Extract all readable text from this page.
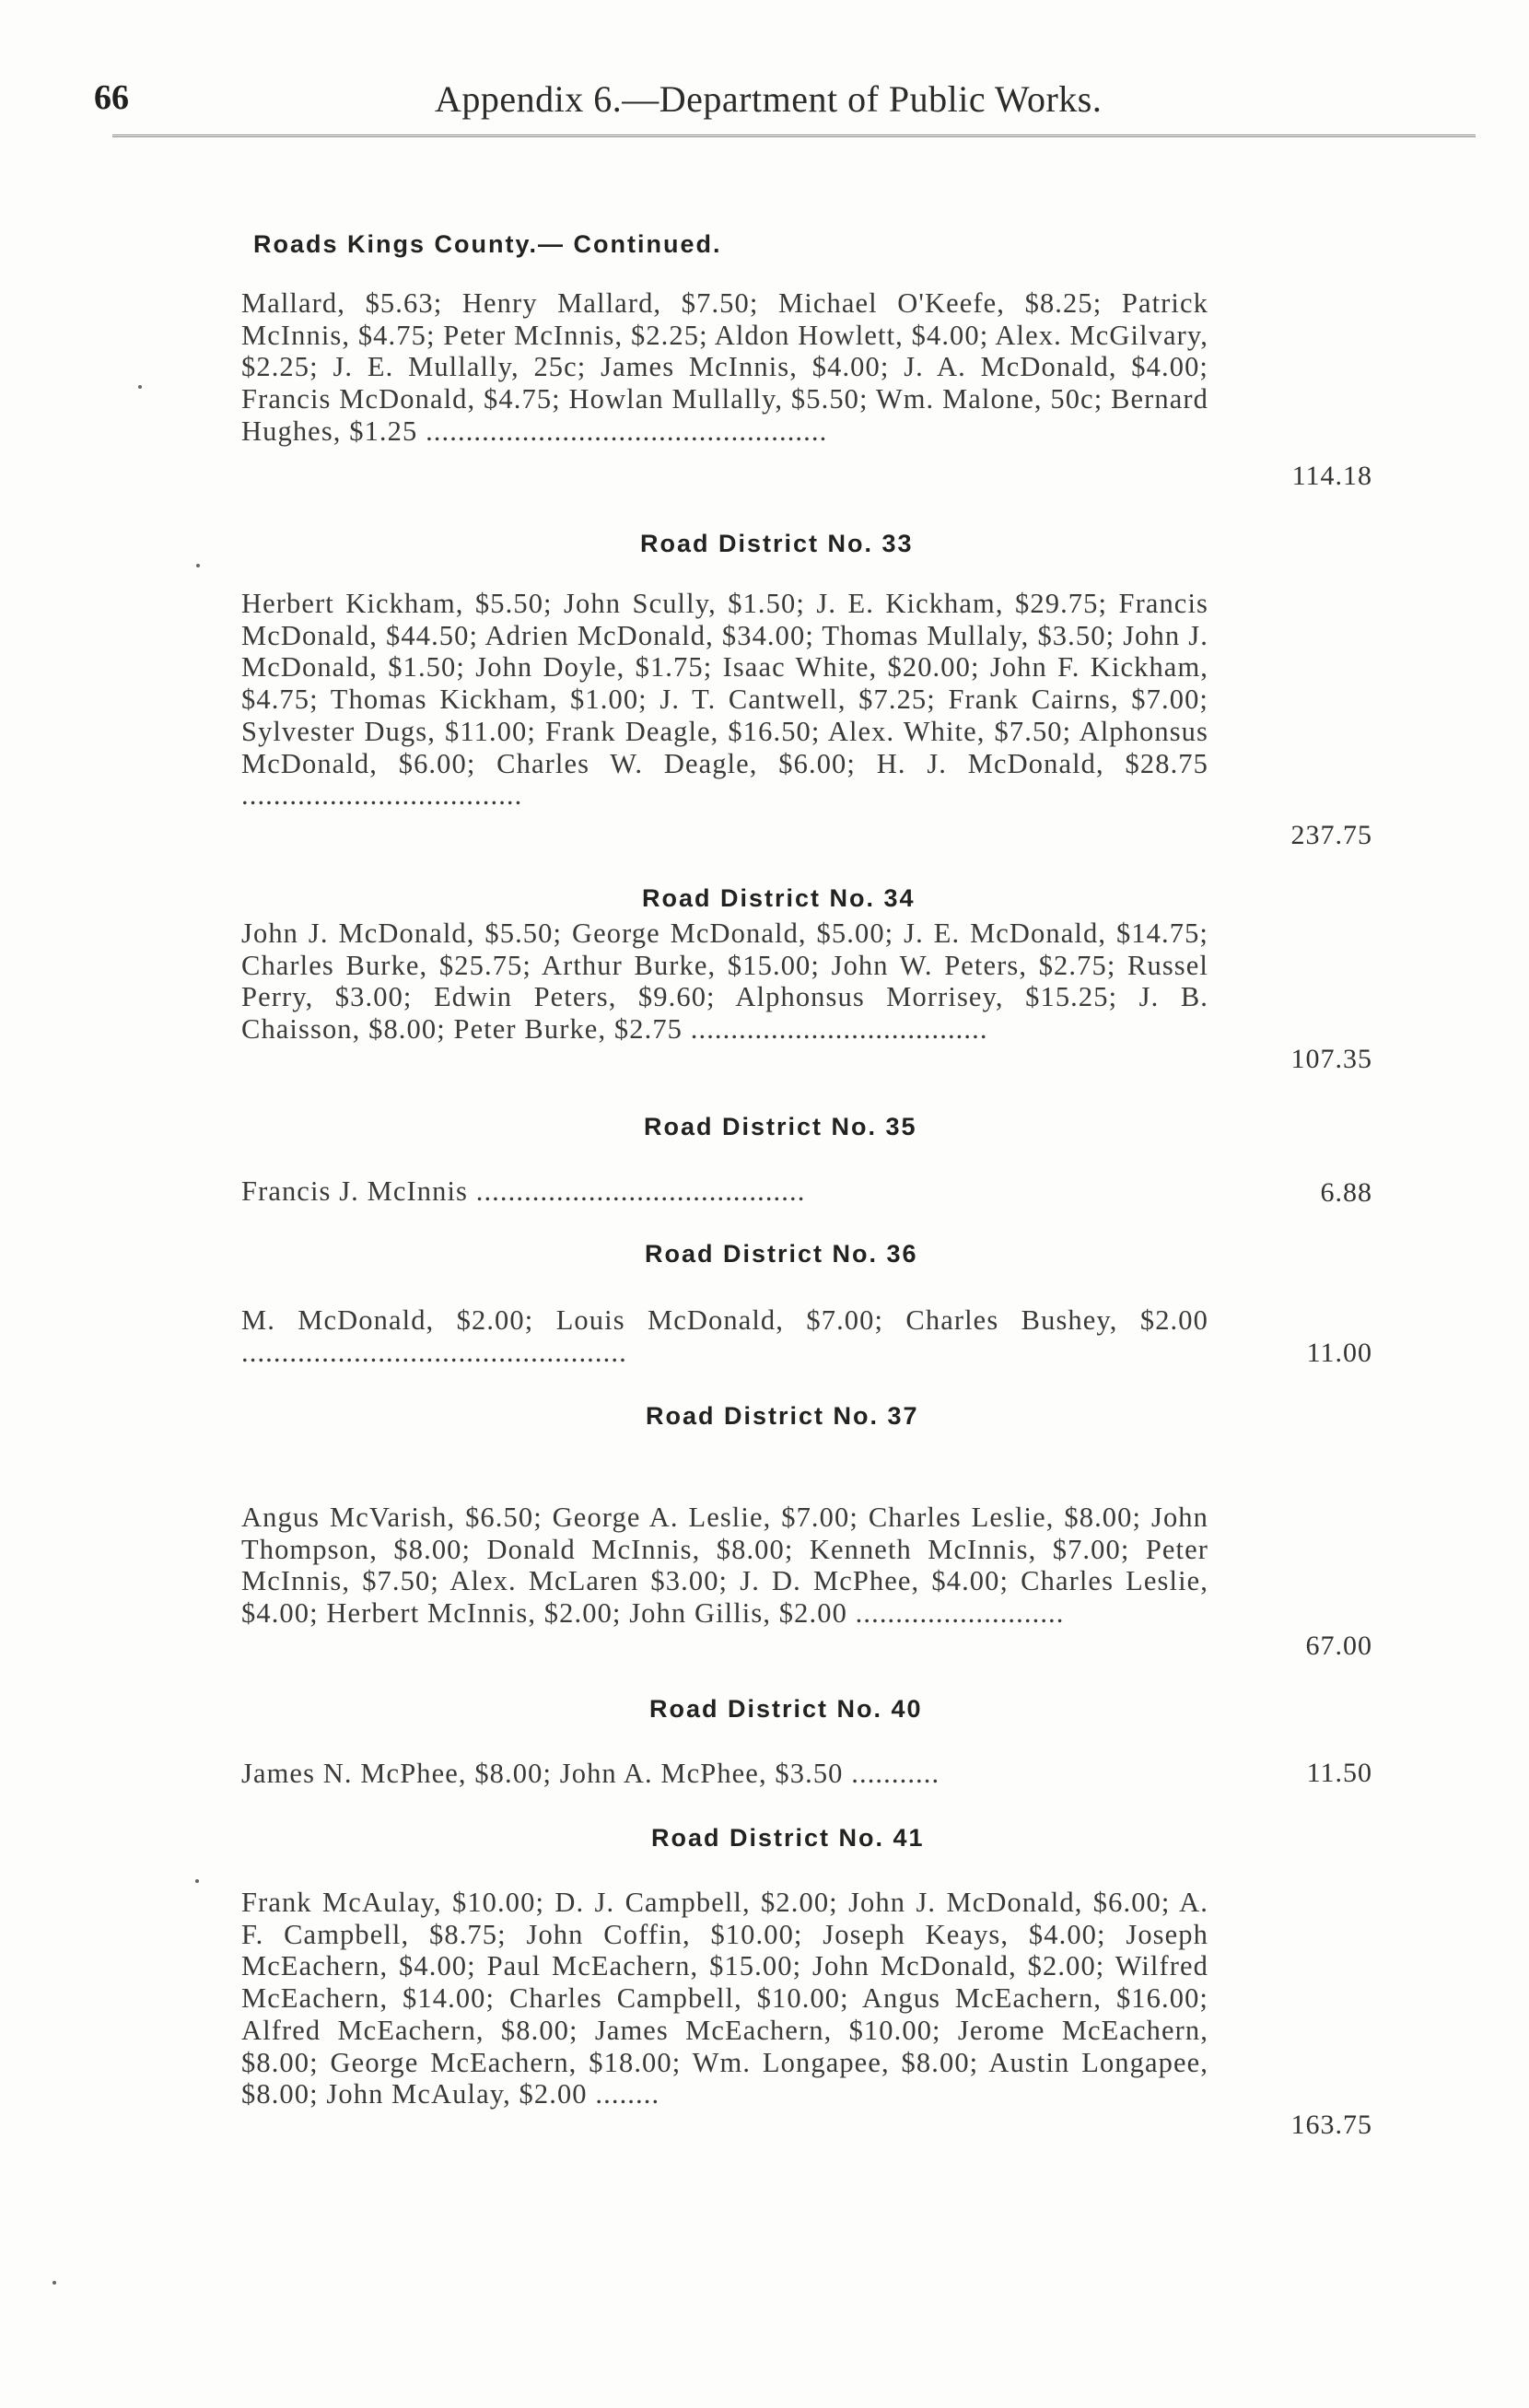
66	Appendix 6.—Department of Public Works.
Roads Kings County.— Continued.
Mallard, $5.63; Henry Mallard, $7.50; Michael O'Keefe, $8.25; Patrick McInnis, $4.75; Peter McInnis, $2.25; Aldon Howlett, $4.00; Alex. McGilvary, $2.25; J. E. Mullally, 25c; James McInnis, $4.00; J. A. McDonald, $4.00; Francis McDonald, $4.75; Howlan Mullally, $5.50; Wm. Malone, 50c; Bernard Hughes, $1.25 ..................................................
114.18
Road District No. 33
Herbert Kickham, $5.50; John Scully, $1.50; J. E. Kickham, $29.75; Francis McDonald, $44.50; Adrien McDonald, $34.00; Thomas Mullaly, $3.50; John J. McDonald, $1.50; John Doyle, $1.75; Isaac White, $20.00; John F. Kickham, $4.75; Thomas Kickham, $1.00; J. T. Cantwell, $7.25; Frank Cairns, $7.00; Sylvester Dugs, $11.00; Frank Deagle, $16.50; Alex. White, $7.50; Alphonsus McDonald, $6.00; Charles W. Deagle, $6.00; H. J. McDonald, $28.75 ...................................
237.75
Road District No. 34
John J. McDonald, $5.50; George McDonald, $5.00; J. E. McDonald, $14.75; Charles Burke, $25.75; Arthur Burke, $15.00; John W. Peters, $2.75; Russel Perry, $3.00; Edwin Peters, $9.60; Alphonsus Morrisey, $15.25; J. B. Chaisson, $8.00; Peter Burke, $2.75 .....................................
107.35
Road District No. 35
Francis J. McInnis .........................................	6.88
Road District No. 36
M. McDonald, $2.00; Louis McDonald, $7.00; Charles Bushey, $2.00 ................................................	11.00
Road District No. 37
Angus McVarish, $6.50; George A. Leslie, $7.00; Charles Leslie, $8.00; John Thompson, $8.00; Donald McInnis, $8.00; Kenneth McInnis, $7.00; Peter McInnis, $7.50; Alex. McLaren $3.00; J. D. McPhee, $4.00; Charles Leslie, $4.00; Herbert McInnis, $2.00; John Gillis, $2.00 ..........................
67.00
Road District No. 40
James N. McPhee, $8.00; John A. McPhee, $3.50 ...........	11.50
Road District No. 41
Frank McAulay, $10.00; D. J. Campbell, $2.00; John J. McDonald, $6.00; A. F. Campbell, $8.75; John Coffin, $10.00; Joseph Keays, $4.00; Joseph McEachern, $4.00; Paul McEachern, $15.00; John McDonald, $2.00; Wilfred McEachern, $14.00; Charles Campbell, $10.00; Angus McEachern, $16.00; Alfred McEachern, $8.00; James McEachern, $10.00; Jerome McEachern, $8.00; George McEachern, $18.00; Wm. Longapee, $8.00; Austin Longapee, $8.00; John McAulay, $2.00 ........
163.75
